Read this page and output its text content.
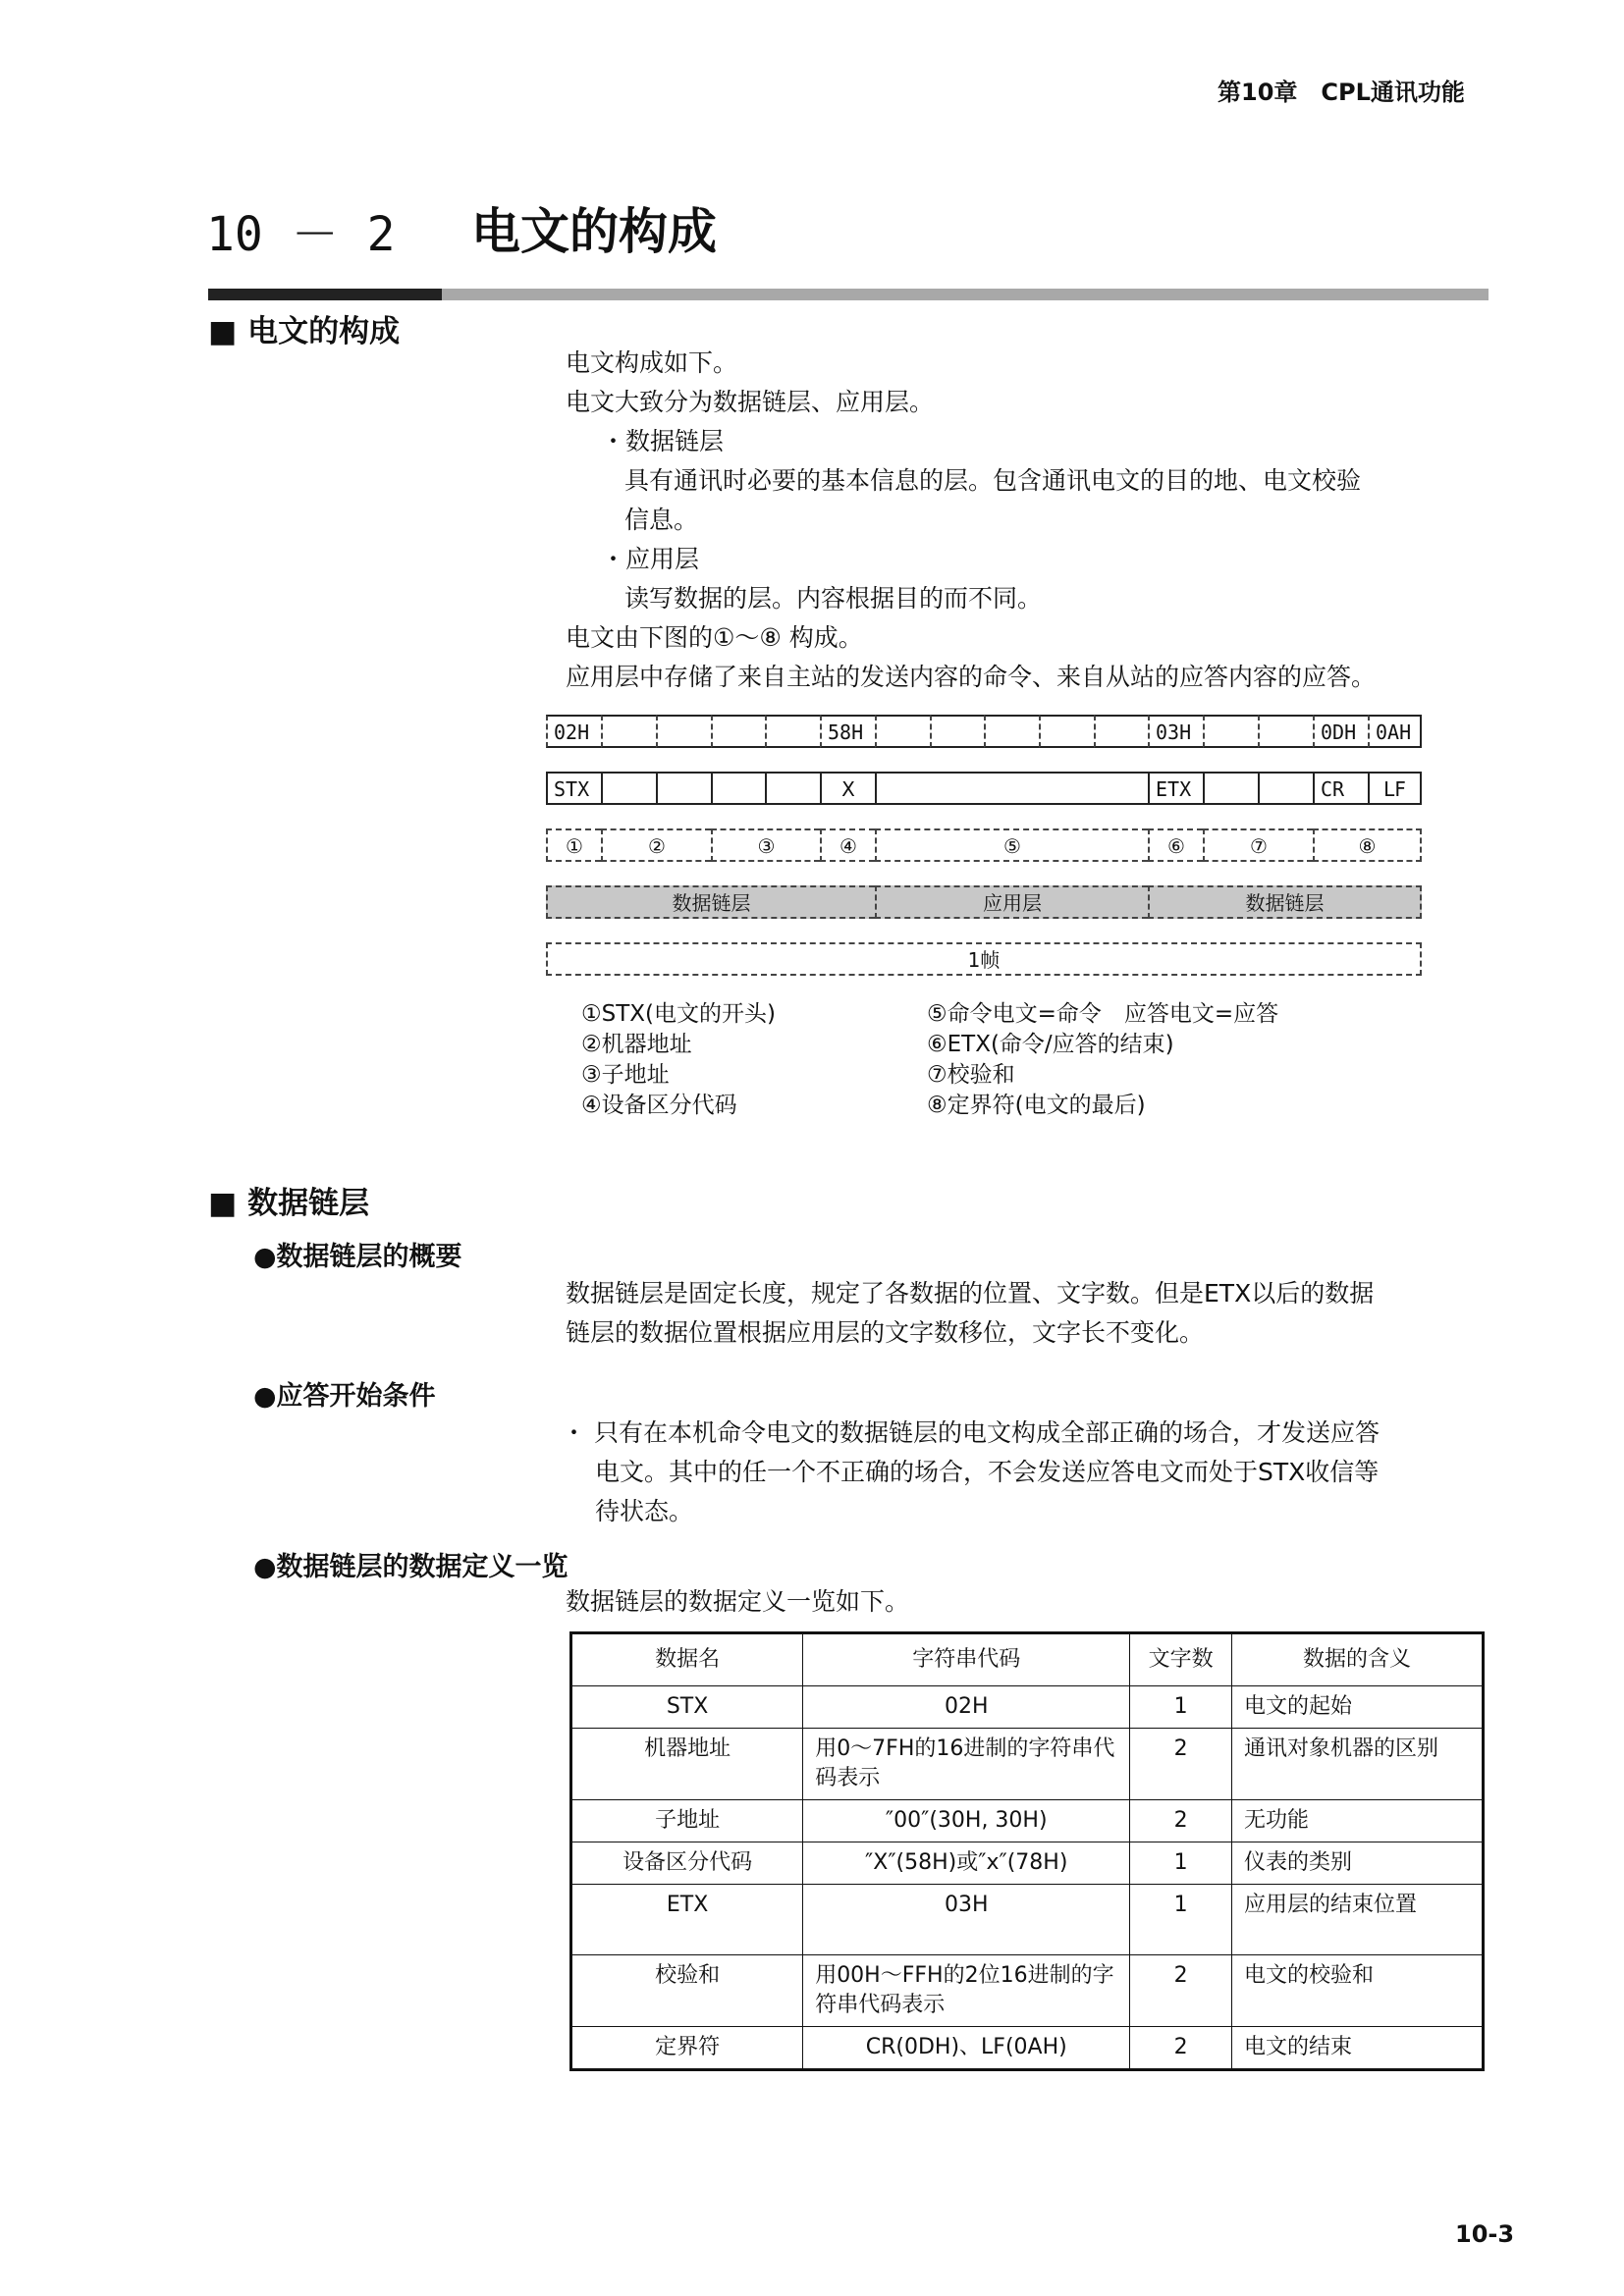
第10章　CPL通讯功能
10 － 2 电文的构成
■ 电文的构成

电文构成如下。

电文大致分为数据链层、应用层。

・数据链层

具有通讯时必要的基本信息的层。包含通讯电文的目的地、电文校验

信息。

・应用层

读写数据的层。内容根据目的而不同。

电文由下图的①～⑧ 构成。

应用层中存储了来自主站的发送内容的命令、来自从站的应答内容的应答。

02H	58H	03H	0DH 0AH
STX	X	ETX	CR	LF
①	②	③	④	⑤	⑥	⑦	⑧
数据链层	应用层	数据链层
1帧
①STX(电文的开头)
②机器地址
③子地址
④设备区分代码
⑤命令电文=命令　应答电文=应答
⑥ETX(命令/应答的结束)
⑦校验和
⑧定界符(电文的最后)
■ 数据链层
●数据链层的概要

数据链层是固定长度，规定了各数据的位置、文字数。但是ETX以后的数据

链层的数据位置根据应用层的文字数移位，文字长不变化。

●应答开始条件

・ 只有在本机命令电文的数据链层的电文构成全部正确的场合，才发送应答

电文。其中的任一个不正确的场合，不会发送应答电文而处于STX收信等

待状态。

●数据链层的数据定义一览
数据链层的数据定义一览如下。
数据名	字符串代码	文字数	数据的含义
STX	02H	1	电文的起始
机器地址	用0～7FH的16进制的字符串代码表示	2	通讯对象机器的区别
子地址	″00″(30H, 30H)	2	无功能
设备区分代码	″X″(58H)或″x″(78H)	1	仪表的类别
ETX	03H	1	应用层的结束位置
校验和	用00H～FFH的2位16进制的字符串代码表示	2	电文的校验和
定界符	CR(0DH)、LF(0AH)	2	电文的结束
10-3
